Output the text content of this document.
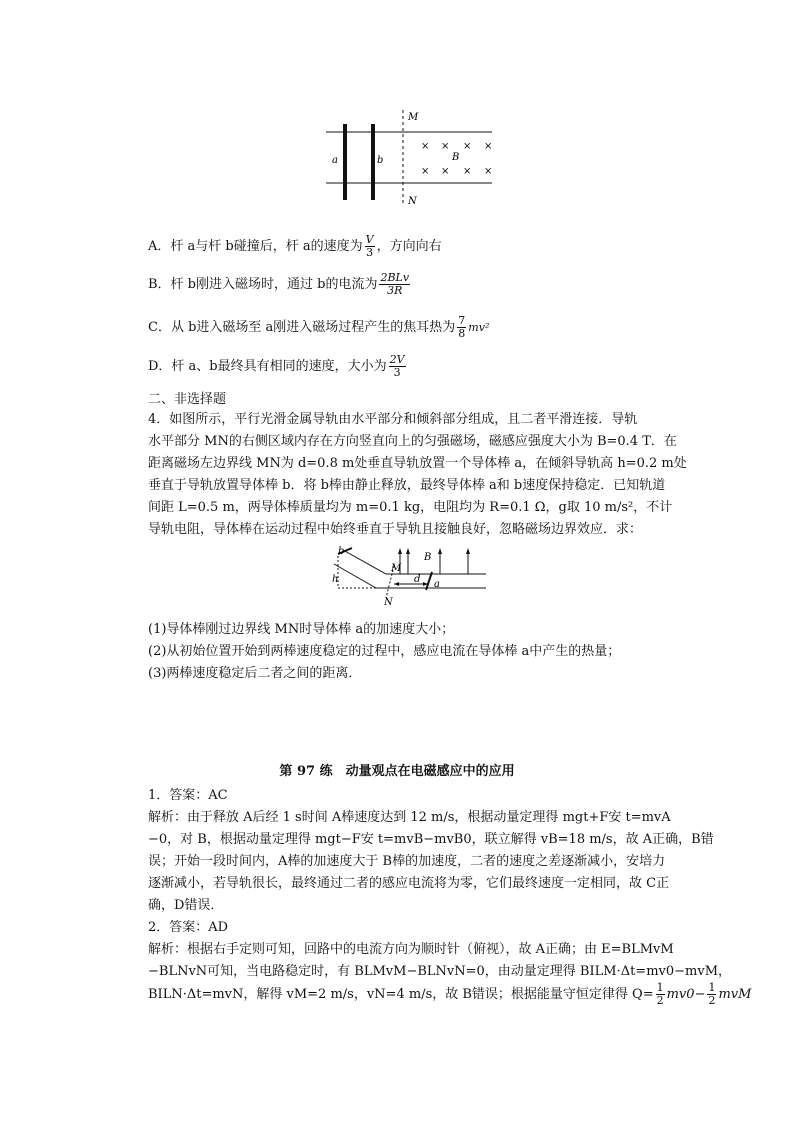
M
N
a	b	B
× × × ×
× × × ×
A．杆 a与杆 b碰撞后，杆 a的速度为 $\frac{V}{3}$ ，方向向右
B．杆 b刚进入磁场时，通过 b的电流为 $\frac{\text{2BLv}}{3R}$
C．从 b进入磁场至 a刚进入磁场过程产生的焦耳热为 $\frac{7}{8} mv^2$
D．杆 a、b最终具有相同的速度，大小为 $\frac{2V}{3}$
二、非选择题
4．如图所示，平行光滑金属导轨由水平部分和倾斜部分组成，且二者平滑连接．导轨
水平部分 MN的右侧区域内存在方向竖直向上的匀强磁场，磁感应强度大小为 B=0.4 T．在
距离磁场左边界线 MN为 d=0.8 m处垂直导轨放置一个导体棒 a，在倾斜导轨高 h=0.2 m处
垂直于导轨放置导体棒 b．将 b棒由静止释放，最终导体棒 a和 b速度保持稳定．已知轨道
间距 L=0.5 m，两导体棒质量均为 m=0.1 kg，电阻均为 R=0.1 Ω，g取 10 m/s²，不计
导轨电阻，导体棒在运动过程中始终垂直于导轨且接触良好，忽略磁场边界效应．求：
b
h
M
N
d a
B
(1)导体棒刚过边界线 MN时导体棒 a的加速度大小；
(2)从初始位置开始到两棒速度稳定的过程中，感应电流在导体棒 a中产生的热量；
(3)两棒速度稳定后二者之间的距离．
第 97 练　动量观点在电磁感应中的应用
1．答案：AC
解析：由于释放 A后经 1 s时间 A棒速度达到 12 m/s，根据动量定理得 mgt+F安 t=mvA
−0，对 B，根据动量定理得 mgt−F安 t=mvB−mvB0，联立解得 vB=18 m/s，故 A正确，B错
误；开始一段时间内，A棒的加速度大于 B棒的加速度，二者的速度之差逐渐减小，安培力
逐渐减小，若导轨很长，最终通过二者的感应电流将为零，它们最终速度一定相同，故 C正
确，D错误．
2．答案：AD
解析：根据右手定则可知，回路中的电流方向为顺时针（俯视），故 A正确；由 E=BLMvM
−BLNvN可知，当电路稳定时，有 BLMvM−BLNvN=0，由动量定理得 BILM·Δt=mv0−mvM，
BILN·Δt=mvN，解得 vM=2 m/s，vN=4 m/s，故 B错误；根据能量守恒定律得 $Q= \frac{1}{2} mv0- \frac{1}{2}$ mvM
